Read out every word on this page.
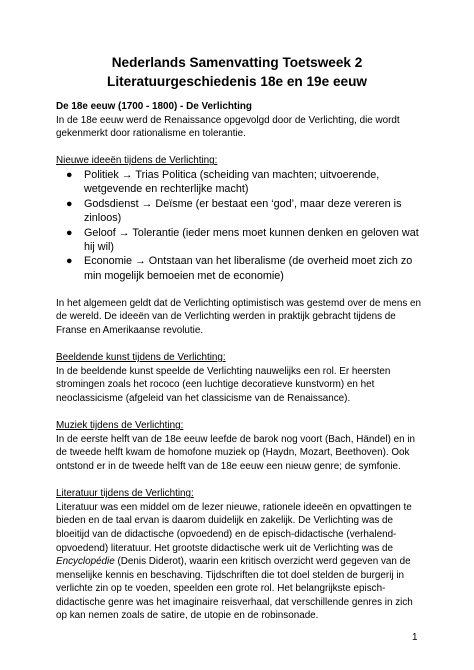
Nederlands Samenvatting Toetsweek 2
Literatuurgeschiedenis 18e en 19e eeuw

De 18e eeuw (1700 - 1800) - De Verlichting

In de 18e eeuw werd de Renaissance opgevolgd door de Verlichting, die wordt gekenmerkt door rationalisme en tolerantie.

Nieuwe ideeën tijdens de Verlichting:

● Politiek → Trias Politica (scheiding van machten; uitvoerende, wetgevende en rechterlijke macht)
● Godsdienst → Deïsme (er bestaat een ‘god’, maar deze vereren is zinloos)
● Geloof → Tolerantie (ieder mens moet kunnen denken en geloven wat hij wil)
● Economie → Ontstaan van het liberalisme (de overheid moet zich zo min mogelijk bemoeien met de economie)

In het algemeen geldt dat de Verlichting optimistisch was gestemd over de mens en de wereld. De ideeën van de Verlichting werden in praktijk gebracht tijdens de Franse en Amerikaanse revolutie.

Beeldende kunst tijdens de Verlichting:

In de beeldende kunst speelde de Verlichting nauwelijks een rol. Er heersten stromingen zoals het rococo (een luchtige decoratieve kunstvorm) en het neoclassicisme (afgeleid van het classicisme van de Renaissance).

Muziek tijdens de Verlichting:

In de eerste helft van de 18e eeuw leefde de barok nog voort (Bach, Händel) en in de tweede helft kwam de homofone muziek op (Haydn, Mozart, Beethoven). Ook ontstond er in de tweede helft van de 18e eeuw een nieuw genre; de symfonie.

Literatuur tijdens de Verlichting:

Literatuur was een middel om de lezer nieuwe, rationele ideeën en opvattingen te bieden en de taal ervan is daarom duidelijk en zakelijk. De Verlichting was de bloeitijd van de didactische (opvoedend) en de episch-didactische (verhalend-opvoedend) literatuur. Het grootste didactische werk uit de Verlichting was de Encyclopédie (Denis Diderot), waarin een kritisch overzicht werd gegeven van de menselijke kennis en beschaving. Tijdschriften die tot doel stelden de burgerij in verlichte zin op te voeden, speelden een grote rol. Het belangrijkste episch-didactische genre was het imaginaire reisverhaal, dat verschillende genres in zich op kan nemen zoals de satire, de utopie en de robinsonade.

1
